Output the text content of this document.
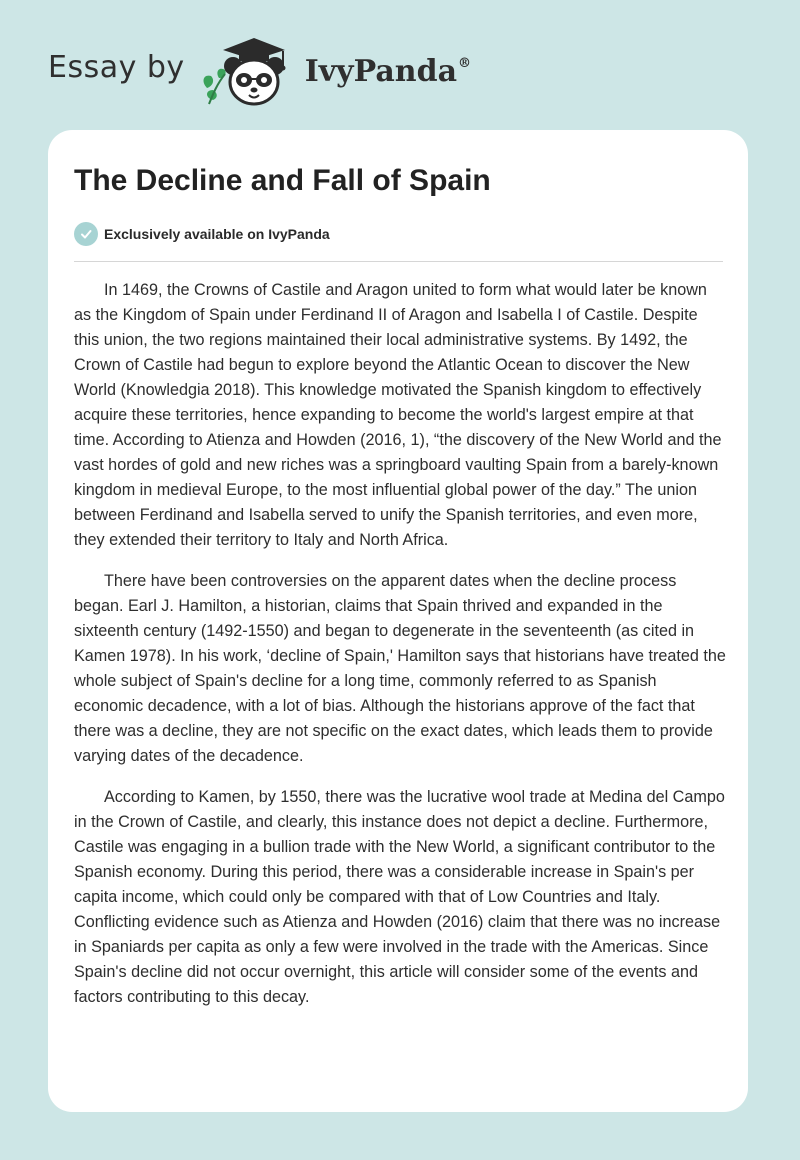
Essay by	IvyPanda®
The Decline and Fall of Spain
Exclusively available on IvyPanda

In 1469, the Crowns of Castile and Aragon united to form what would later be known as the Kingdom of Spain under Ferdinand II of Aragon and Isabella I of Castile. Despite this union, the two regions maintained their local administrative systems. By 1492, the Crown of Castile had begun to explore beyond the Atlantic Ocean to discover the New World (Knowledgia 2018). This knowledge motivated the Spanish kingdom to effectively acquire these territories, hence expanding to become the world's largest empire at that time. According to Atienza and Howden (2016, 1), “the discovery of the New World and the vast hordes of gold and new riches was a springboard vaulting Spain from a barely-known kingdom in medieval Europe, to the most influential global power of the day.” The union between Ferdinand and Isabella served to unify the Spanish territories, and even more, they extended their territory to Italy and North Africa.

There have been controversies on the apparent dates when the decline process began. Earl J. Hamilton, a historian, claims that Spain thrived and expanded in the sixteenth century (1492-1550) and began to degenerate in the seventeenth (as cited in Kamen 1978). In his work, ‘decline of Spain,' Hamilton says that historians have treated the whole subject of Spain's decline for a long time, commonly referred to as Spanish economic decadence, with a lot of bias. Although the historians approve of the fact that there was a decline, they are not specific on the exact dates, which leads them to provide varying dates of the decadence.

According to Kamen, by 1550, there was the lucrative wool trade at Medina del Campo in the Crown of Castile, and clearly, this instance does not depict a decline. Furthermore, Castile was engaging in a bullion trade with the New World, a significant contributor to the Spanish economy. During this period, there was a considerable increase in Spain's per capita income, which could only be compared with that of Low Countries and Italy. Conflicting evidence such as Atienza and Howden (2016) claim that there was no increase in Spaniards per capita as only a few were involved in the trade with the Americas. Since Spain's decline did not occur overnight, this article will consider some of the events and factors contributing to this decay.
